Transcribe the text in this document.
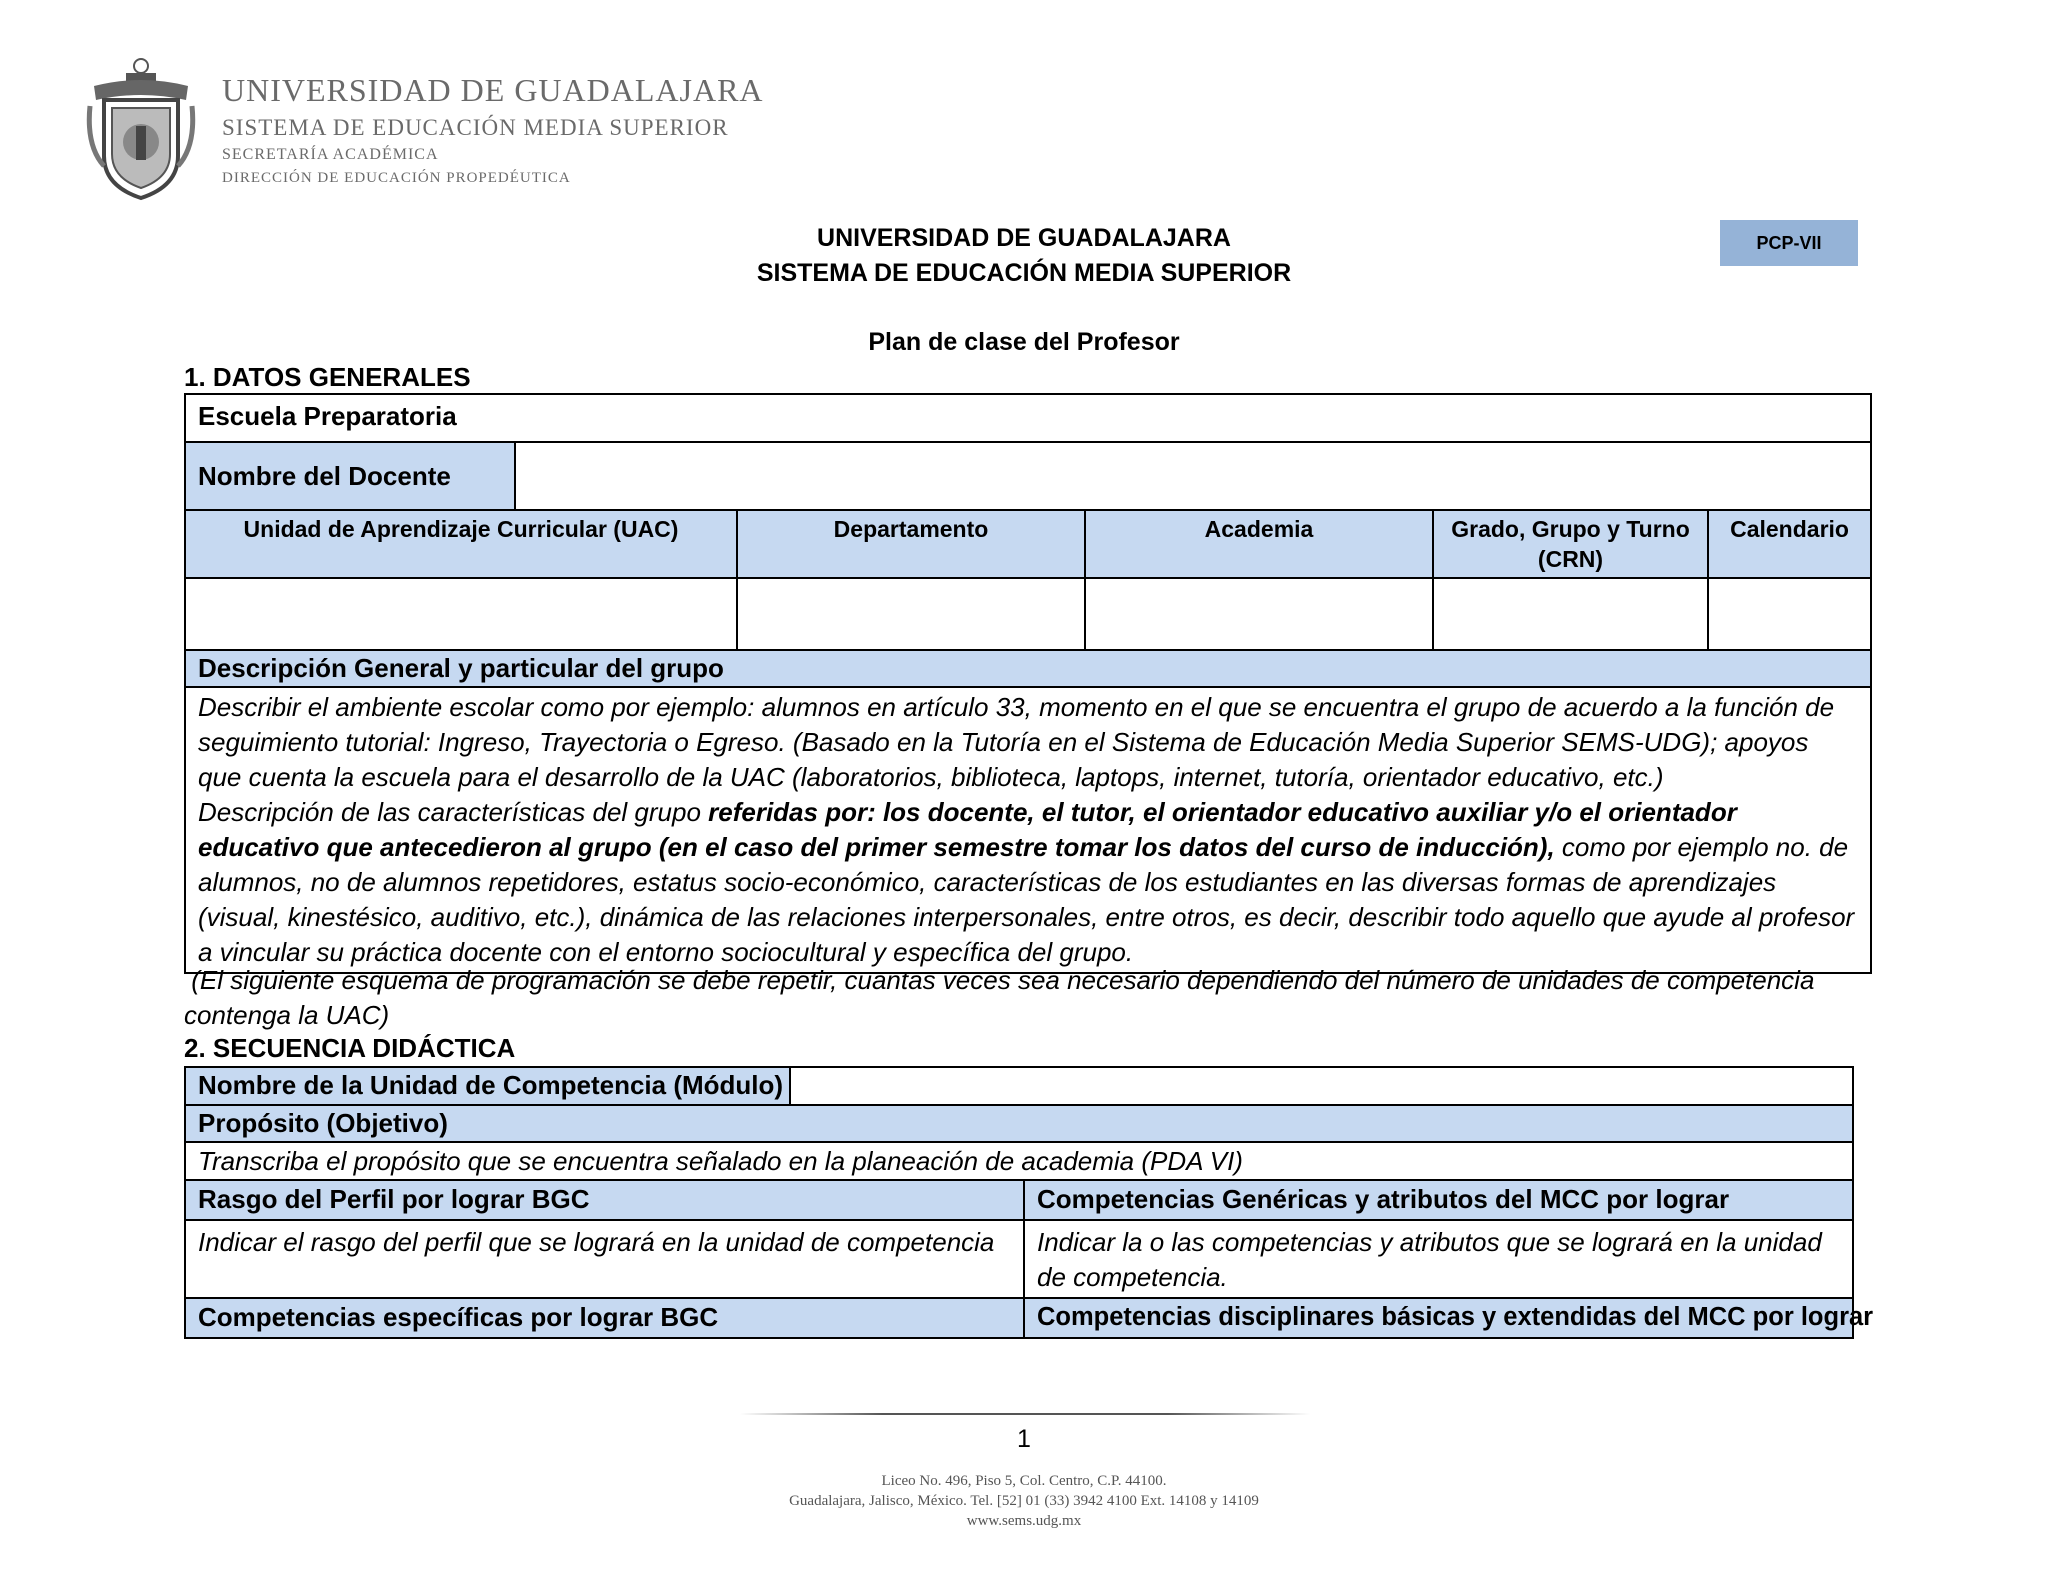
UNIVERSIDAD DE GUADALAJARA
SISTEMA DE EDUCACIÓN MEDIA SUPERIOR
SECRETARÍA ACADÉMICA
DIRECCIÓN DE EDUCACIÓN PROPEDÉUTICA
UNIVERSIDAD DE GUADALAJARA
SISTEMA DE EDUCACIÓN MEDIA SUPERIOR
PCP-VII
Plan de clase del Profesor
1. DATOS GENERALES
Escuela Preparatoria					
Nombre del Docente					
Unidad de Aprendizaje Curricular (UAC)		Departamento	Academia	Grado, Grupo y Turno (CRN)	Calendario

Descripción General y particular del grupo					

Describir el ambiente escolar como por ejemplo: alumnos en artículo 33, momento en el que se encuentra el grupo de acuerdo a la función de seguimiento tutorial: Ingreso, Trayectoria o Egreso. (Basado en la Tutoría en el Sistema de Educación Media Superior SEMS-UDG); apoyos que cuenta la escuela para el desarrollo de la UAC (laboratorios, biblioteca, laptops, internet, tutoría, orientador educativo, etc.)
Descripción de las características del grupo referidas por: los docente, el tutor, el orientador educativo auxiliar y/o el orientador educativo que antecedieron al grupo (en el caso del primer semestre tomar los datos del curso de inducción), como por ejemplo no. de alumnos, no de alumnos repetidores, estatus socio-económico, características de los estudiantes en las diversas formas de aprendizajes (visual, kinestésico, auditivo, etc.), dinámica de las relaciones interpersonales, entre otros, es decir, describir todo aquello que ayude al profesor a vincular su práctica docente con el entorno sociocultural y específica del grupo.					
(El siguiente esquema de programación se debe repetir, cuantas veces sea necesario dependiendo del número de unidades de competencia contenga la UAC)
2. SECUENCIA DIDÁCTICA
Nombre de la Unidad de Competencia (Módulo)		
Propósito (Objetivo)		
Transcriba el propósito que se encuentra señalado en la planeación de academia (PDA VI)		
Rasgo del Perfil por lograr BGC		Competencias Genéricas y atributos del MCC por lograr
Indicar el rasgo del perfil que se logrará en la unidad de competencia		Indicar la o las competencias y atributos que se logrará en la unidad de competencia.
Competencias específicas por lograr BGC		Competencias disciplinares básicas y extendidas del MCC por lograr
1
Liceo No. 496, Piso 5, Col. Centro, C.P. 44100.
Guadalajara, Jalisco, México. Tel. [52] 01 (33) 3942 4100 Ext. 14108 y 14109
www.sems.udg.mx
